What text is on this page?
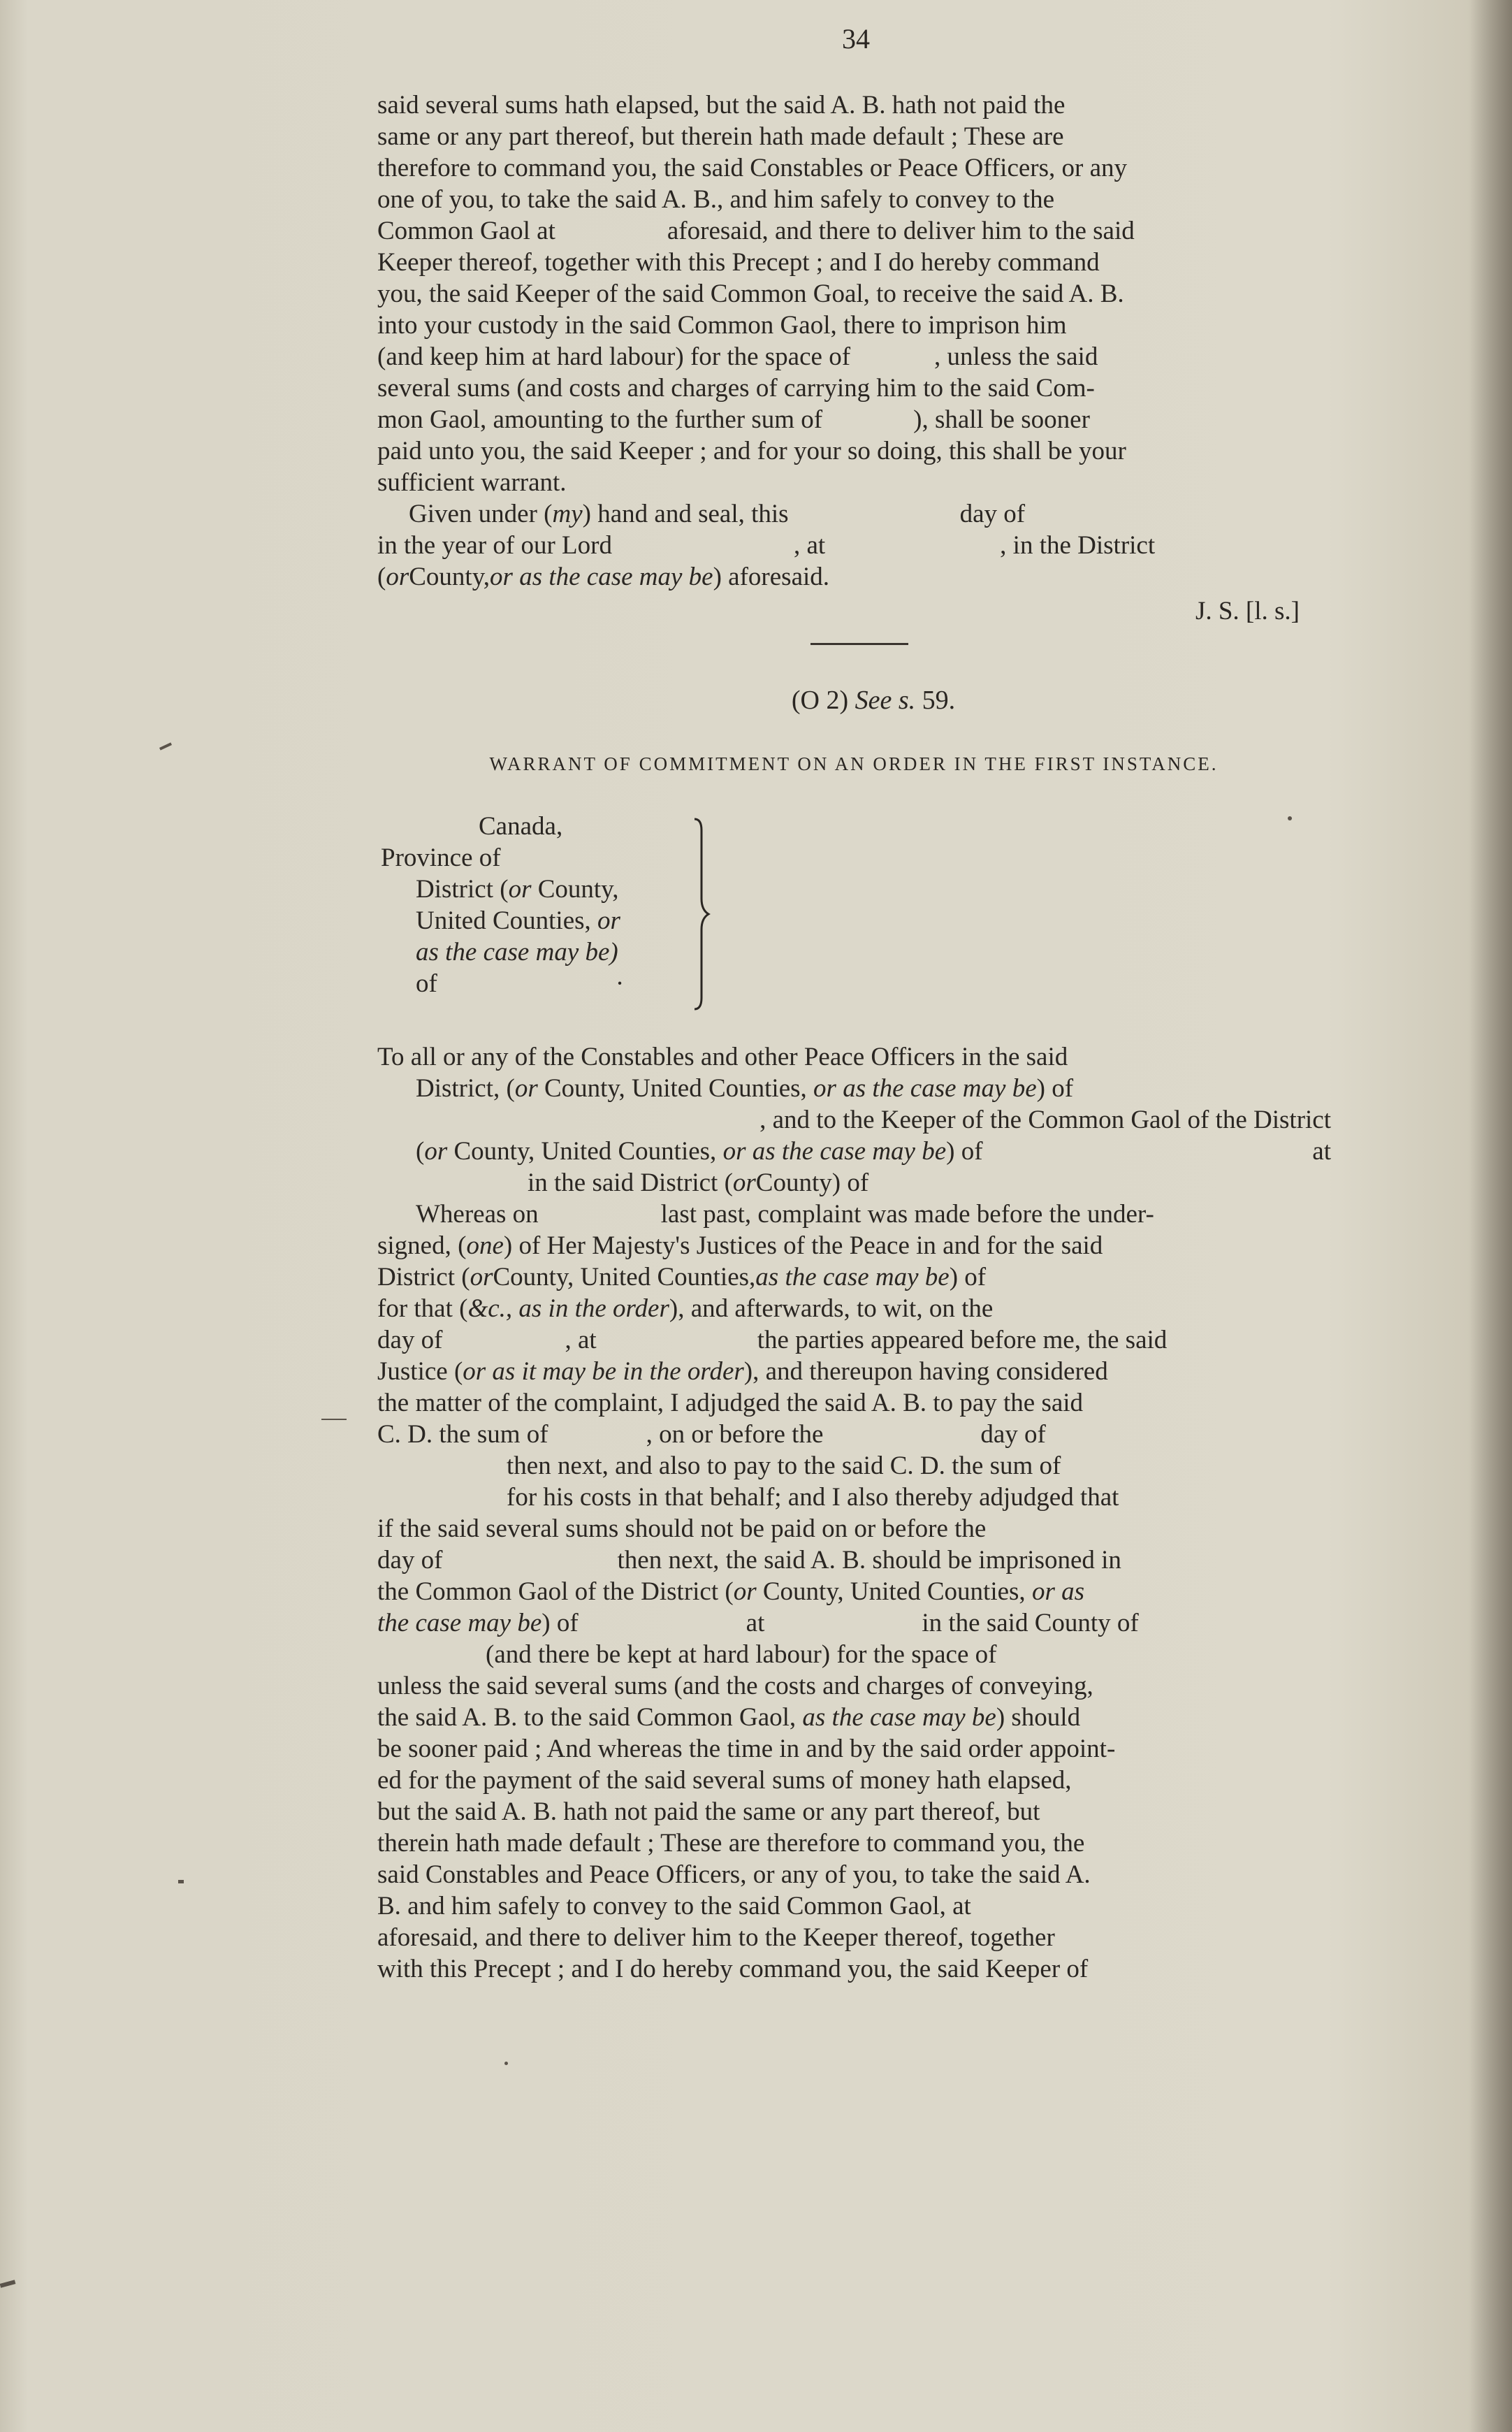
34
said several sums hath elapsed, but the said A. B. hath not paid the
same or any part thereof, but therein hath made default ; These are
therefore to command you, the said Constables or Peace Officers, or any
one of you, to take the said A. B., and him safely to convey to the
Common Gaol at	aforesaid, and there to deliver him to the said
Keeper thereof, together with this Precept ; and I do hereby command
you, the said Keeper of the said Common Goal, to receive the said A. B.
into your custody in the said Common Gaol, there to imprison him
(and keep him at hard labour) for the space of	, unless the said
several sums (and costs and charges of carrying him to the said Com-
mon Gaol, amounting to the further sum of	), shall be sooner
paid unto you, the said Keeper ; and for your so doing, this shall be your
sufficient warrant.
Given under ( my ) hand and seal, this	day of
in the year of our Lord	, at	, in the District
( or County, or as the case may be ) aforesaid.
J. S. [l. s.]
(O 2) See s. 59.
WARRANT OF COMMITMENT ON AN ORDER IN THE FIRST INSTANCE.
Canada,
Province of
District (or County,
United Counties, or
as the case may be)
of	·
To all or any of the Constables and other Peace Officers in the said
District, (or County, United Counties, or as the case may be) of
, and to the Keeper of the Common Gaol of the District
(or County, United Counties, or as the case may be) of	at
in the said District ( or County) of
Whereas on	last past, complaint was made before the under-
signed, (one) of Her Majesty's Justices of the Peace in and for the said
District ( or County, United Counties, as the case may be ) of
for that ( &c., as in the order ), and afterwards, to wit, on the
day of	, at	the parties appeared before me, the said
Justice (or as it may be in the order), and thereupon having considered
the matter of the complaint, I adjudged the said A. B. to pay the said
C. D. the sum of	, on or before the	day of
then next, and also to pay to the said C. D. the sum of
for his costs in that behalf; and I also thereby adjudged that
if the said several sums should not be paid on or before the
day of	then next, the said A. B. should be imprisoned in
the Common Gaol of the District (or County, United Counties, or as
the case may be ) of	at	in the said County of
(and there be kept at hard labour) for the space of
unless the said several sums (and the costs and charges of conveying,
the said A. B. to the said Common Gaol, as the case may be) should
be sooner paid ; And whereas the time in and by the said order appoint-
ed for the payment of the said several sums of money hath elapsed,
but the said A. B. hath not paid the same or any part thereof, but
therein hath made default ; These are therefore to command you, the
said Constables and Peace Officers, or any of you, to take the said A.
B. and him safely to convey to the said Common Gaol, at
aforesaid, and there to deliver him to the Keeper thereof, together
with this Precept ; and I do hereby command you, the said Keeper of
